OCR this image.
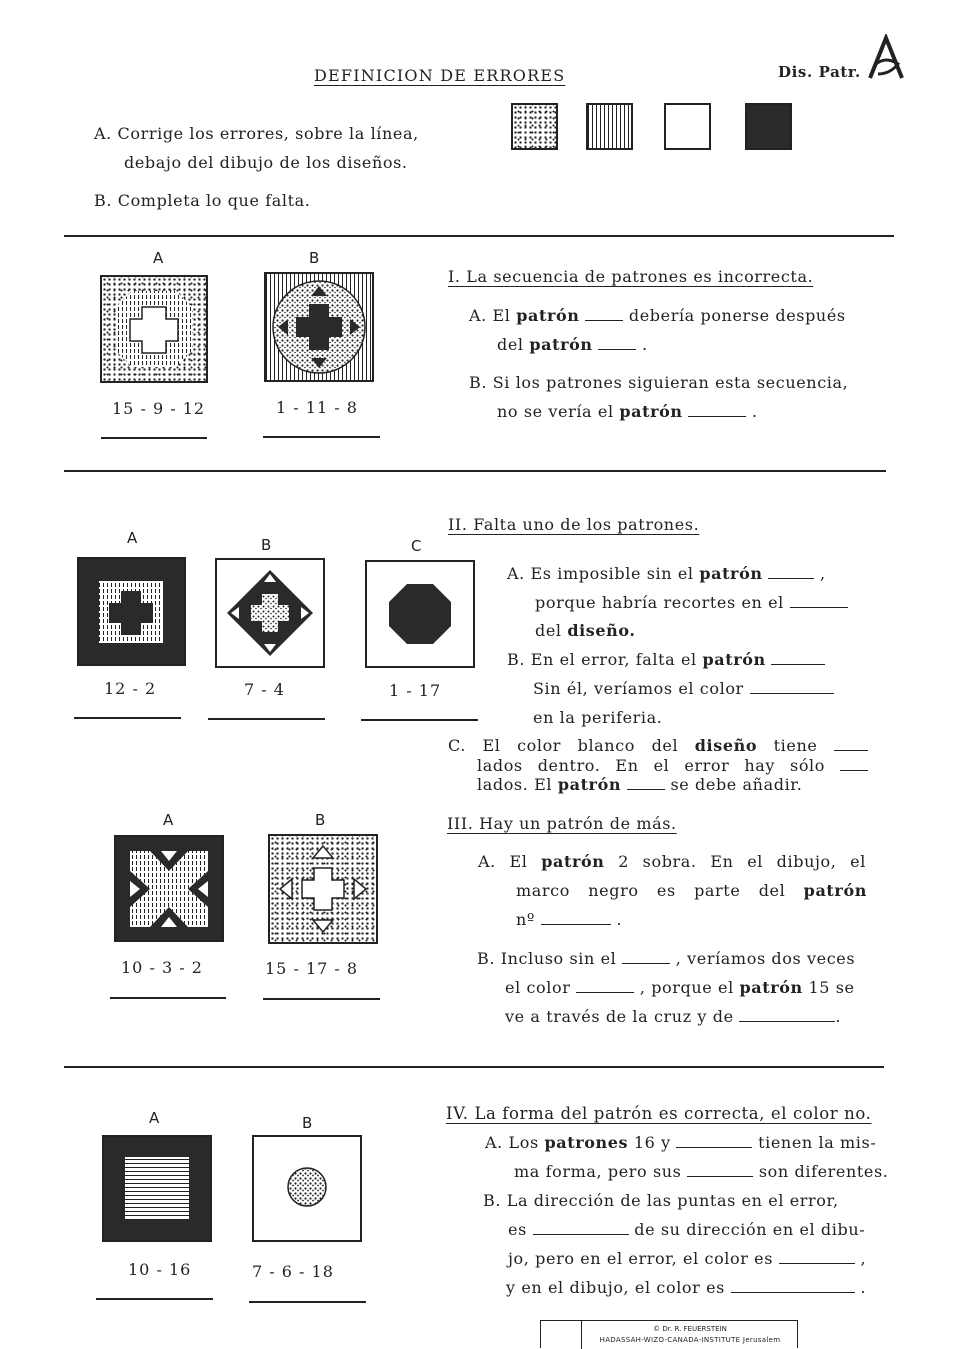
DEFINICION DE ERRORES	Dis. Patr.
A. Corrige los errores, sobre la línea,
debajo del dibujo de los diseños.
B. Completa lo que falta.
A	B
15 - 9 - 12	1 - 11 - 8
I. La secuencia de patrones es incorrecta.
A. El patrón	debería ponerse después
del patrón	.
B. Si los patrones siguieran esta secuencia,
no se vería el patrón	.
A	B	C
12 - 2	7 - 4	1 - 17
II. Falta uno de los patrones.
A. Es imposible sin el patrón	,
porque habría recortes en el
del diseño.
B. En el error, falta el patrón
Sin él, veríamos el color
en la periferia.
C. El color blanco del diseño tiene
lados dentro. En el error hay sólo
lados. El patrón	se debe añadir.
A	B
10 - 3 - 2	15 - 17 - 8
III. Hay un patrón de más.
A. El patrón 2 sobra. En el dibujo, el
marco negro es parte del patrón
nº	.
B. Incluso sin el	, veríamos dos veces
el color	, porque el patrón 15 se
ve a través de la cruz y de	.
A	B
10 - 16	7 - 6 - 18
IV. La forma del patrón es correcta, el color no.
A. Los patrones 16 y	tienen la mis-
ma forma, pero sus	son diferentes.
B. La dirección de las puntas en el error,
es	de su dirección en el dibu-
jo, pero en el error, el color es	,
y en el dibujo, el color es	.
© Dr. R. FEUERSTEIN
HADASSAH-WIZO-CANADA-INSTITUTE Jerusalem
